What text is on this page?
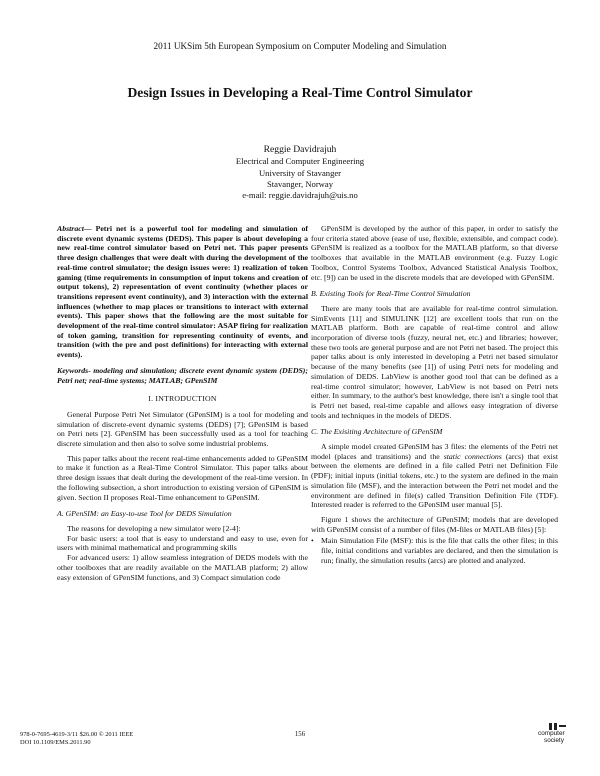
2011 UKSim 5th European Symposium on Computer Modeling and Simulation
Design Issues in Developing a Real-Time Control Simulator
Reggie Davidrajuh
Electrical and Computer Engineering
University of Stavanger
Stavanger, Norway
e-mail: reggie.davidrajuh@uis.no

Abstract— Petri net is a powerful tool for modeling and simulation of discrete event dynamic systems (DEDS). This paper is about developing a new real-time control simulator based on Petri net. This paper presents three design challenges that were dealt with during the development of the real-time control simulator; the design issues were: 1) realization of token gaming (time requirements in consumption of input tokens and creation of output tokens), 2) representation of event continuity (whether places or transitions represent event continuity), and 3) interaction with the external influences (whether to map places or transitions to interact with external events). This paper shows that the following are the most suitable for development of the real-time control simulator: ASAP firing for realization of token gaming, transition for representing continuity of events, and transition (with the pre and post definitions) for interacting with external events).

Keywords- modeling and simulation; discrete event dynamic system (DEDS); Petri net; real-time systems; MATLAB; GPenSIM

I. INTRODUCTION

General Purpose Petri Net Simulator (GPenSIM) is a tool for modeling and simulation of discrete-event dynamic systems (DEDS) [7]; GPenSIM is based on Petri nets [2]. GPenSIM has been successfully used as a tool for teaching discrete simulation and then also to solve some industrial problems.

This paper talks about the recent real-time enhancements added to GPenSIM to make it function as a Real-Time Control Simulator. This paper talks about three design issues that dealt during the development of the real-time version. In the following subsection, a short introduction to existing version of GPenSIM is given. Section II proposes Real-Time enhancement to GPenSIM.

A. GPenSIM: an Easy-to-use Tool for DEDS Simulation

The reasons for developing a new simulator were [2-4]:

For basic users: a tool that is easy to understand and easy to use, even for users with minimal mathematical and programming skills

For advanced users: 1) allow seamless integration of DEDS models with the other toolboxes that are readily available on the MATLAB platform; 2) allow easy extension of GPenSIM functions, and 3) Compact simulation code

GPenSIM is developed by the author of this paper, in order to satisfy the four criteria stated above (ease of use, flexible, extensible, and compact code). GPenSIM is realized as a toolbox for the MATLAB platform, so that diverse toolboxes that available in the MATLAB environment (e.g. Fuzzy Logic Toolbox, Control Systems Toolbox, Advanced Statistical Analysis Toolbox, etc. [9]) can be used in the discrete models that are developed with GPenSIM.

B. Existing Tools for Real-Time Control Simulation

There are many tools that are available for real-time control simulation. SimEvents [11] and SIMULINK [12] are excellent tools that run on the MATLAB platform. Both are capable of real-time control and allow incorporation of diverse tools (fuzzy, neural net, etc.) and libraries; however, these two tools are general purpose and are not Petri net based. The project this paper talks about is only interested in developing a Petri net based simulator because of the many benefits (see [1]) of using Petri nets for modeling and simulation of DEDS. LabView is another good tool that can be defined as a real-time control simulator; however, LabView is not based on Petri nets either. In summary, to the author's best knowledge, there isn't a single tool that is Petri net based, real-time capable and allows easy integration of diverse tools and techniques in the models of DEDS.

C. The Exisiting Architecture of GPenSIM

A simple model created GPenSIM has 3 files: the elements of the Petri net model (places and transitions) and the static connections (arcs) that exist between the elements are defined in a file called Petri net Definition File (PDF); initial inputs (initial tokens, etc.) to the system are defined in the main simulation file (MSF), and the interaction between the Petri net model and the environment are defined in file(s) called Transition Definition File (TDF). Interested reader is referred to the GPenSIM user manual [5].

Figure 1 shows the architecture of GPenSIM; models that are developed with GPenSIM consist of a number of files (M-files or MATLAB files) [5]:

• Main Simulation File (MSF): this is the file that calls the other files; in this file, initial conditions and variables are declared, and then the simulation is run; finally, the simulation results (arcs) are plotted and analyzed.
978-0-7695-4619-3/11 $26.00 © 2011 IEEE
DOI 10.1109/EMS.2011.90
156	computer
society
